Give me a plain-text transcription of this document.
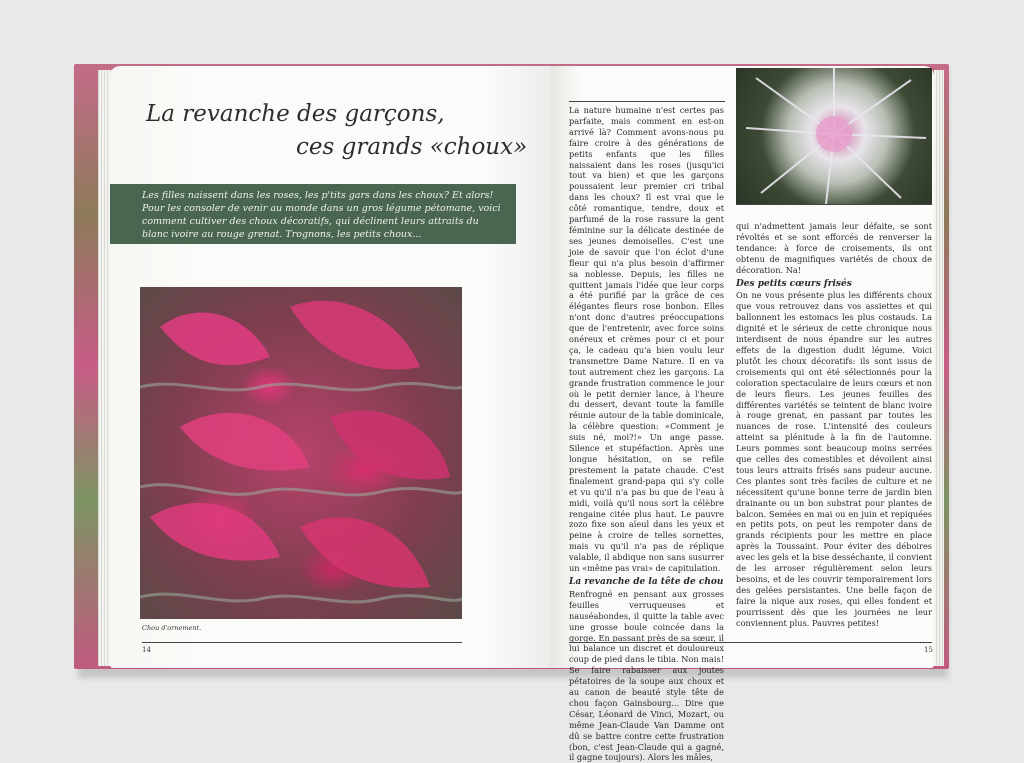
La revanche des garçons,
ces grands «choux»
Les filles naissent dans les roses, les p'tits gars dans les choux? Et alors! Pour les consoler de venir au monde dans un gros légume pétomane, voici comment cultiver des choux décoratifs, qui déclinent leurs attraits du blanc ivoire au rouge grenat. Trognons, les petits choux...
Chou d'ornement.
14

La nature humaine n'est certes pas parfaite, mais comment en est-on arrivé là? Comment avons-nous pu faire croire à des générations de petits enfants que les filles naissaient dans les roses (jusqu'ici tout va bien) et que les garçons poussaient leur premier cri tribal dans les choux? Il est vrai que le côté romantique, tendre, doux et parfumé de la rose rassure la gent féminine sur la délicate destinée de ses jeunes demoiselles. C'est une joie de savoir que l'on éclot d'une fleur qui n'a plus besoin d'affirmer sa noblesse. Depuis, les filles ne quittent jamais l'idée que leur corps a été purifié par la grâce de ces élégantes fleurs rose bonbon. Elles n'ont donc d'autres préoccupations que de l'entretenir, avec force soins onéreux et crèmes pour ci et pour ça, le cadeau qu'a bien voulu leur transmettre Dame Nature. Il en va tout autrement chez les garçons. La grande frustration commence le jour où le petit dernier lance, à l'heure du dessert, devant toute la famille réunie autour de la table dominicale, la célèbre question: «Comment je suis né, moi?!» Un ange passe. Silence et stupéfaction. Après une longue hésitation, on se refile prestement la patate chaude. C'est finalement grand-papa qui s'y colle et vu qu'il n'a pas bu que de l'eau à midi, voilà qu'il nous sort la célèbre rengaine citée plus haut. Le pauvre zozo fixe son aïeul dans les yeux et peine à croire de telles sornettes, mais vu qu'il n'a pas de réplique valable, il abdique non sans susurrer un «même pas vrai» de capitulation.

La revanche de la tête de chou

Renfrogné en pensant aux grosses feuilles verruqueuses et nauséabondes, il quitte la table avec une grosse boule coincée dans la gorge. En passant près de sa sœur, il lui balance un discret et douloureux coup de pied dans le tibia. Non mais! Se faire rabaisser aux joutes pétatoires de la soupe aux choux et au canon de beauté style tête de chou façon Gainsbourg... Dire que César, Léonard de Vinci, Mozart, ou même Jean-Claude Van Damme ont dû se battre contre cette frustration (bon, c'est Jean-Claude qui a gagné, il gagne toujours). Alors les mâles,

qui n'admettent jamais leur défaite, se sont révoltés et se sont efforcés de renverser la tendance: à force de croisements, ils ont obtenu de magnifiques variétés de choux de décoration. Na!

Des petits cœurs frisés

On ne vous présente plus les différents choux que vous retrouvez dans vos assiettes et qui ballonnent les estomacs les plus costauds. La dignité et le sérieux de cette chronique nous interdisent de nous épandre sur les autres effets de la digestion dudit légume. Voici plutôt les choux décoratifs: ils sont issus de croisements qui ont été sélectionnés pour la coloration spectaculaire de leurs cœurs et non de leurs fleurs. Les jeunes feuilles des différentes variétés se teintent de blanc ivoire à rouge grenat, en passant par toutes les nuances de rose. L'intensité des couleurs atteint sa plénitude à la fin de l'automne. Leurs pommes sont beaucoup moins serrées que celles des comestibles et dévoilent ainsi tous leurs attraits frisés sans pudeur aucune. Ces plantes sont très faciles de culture et ne nécessitent qu'une bonne terre de jardin bien drainante ou un bon substrat pour plantes de balcon. Semées en mai ou en juin et repiquées en petits pots, on peut les rempoter dans de grands récipients pour les mettre en place après la Toussaint. Pour éviter des déboires avec les gels et la bise desséchante, il convient de les arroser régulièrement selon leurs besoins, et de les couvrir temporairement lors des gelées persistantes. Une belle façon de faire la nique aux roses, qui elles fondent et pourrissent dès que les journées ne leur conviennent plus. Pauvres petites!

15
